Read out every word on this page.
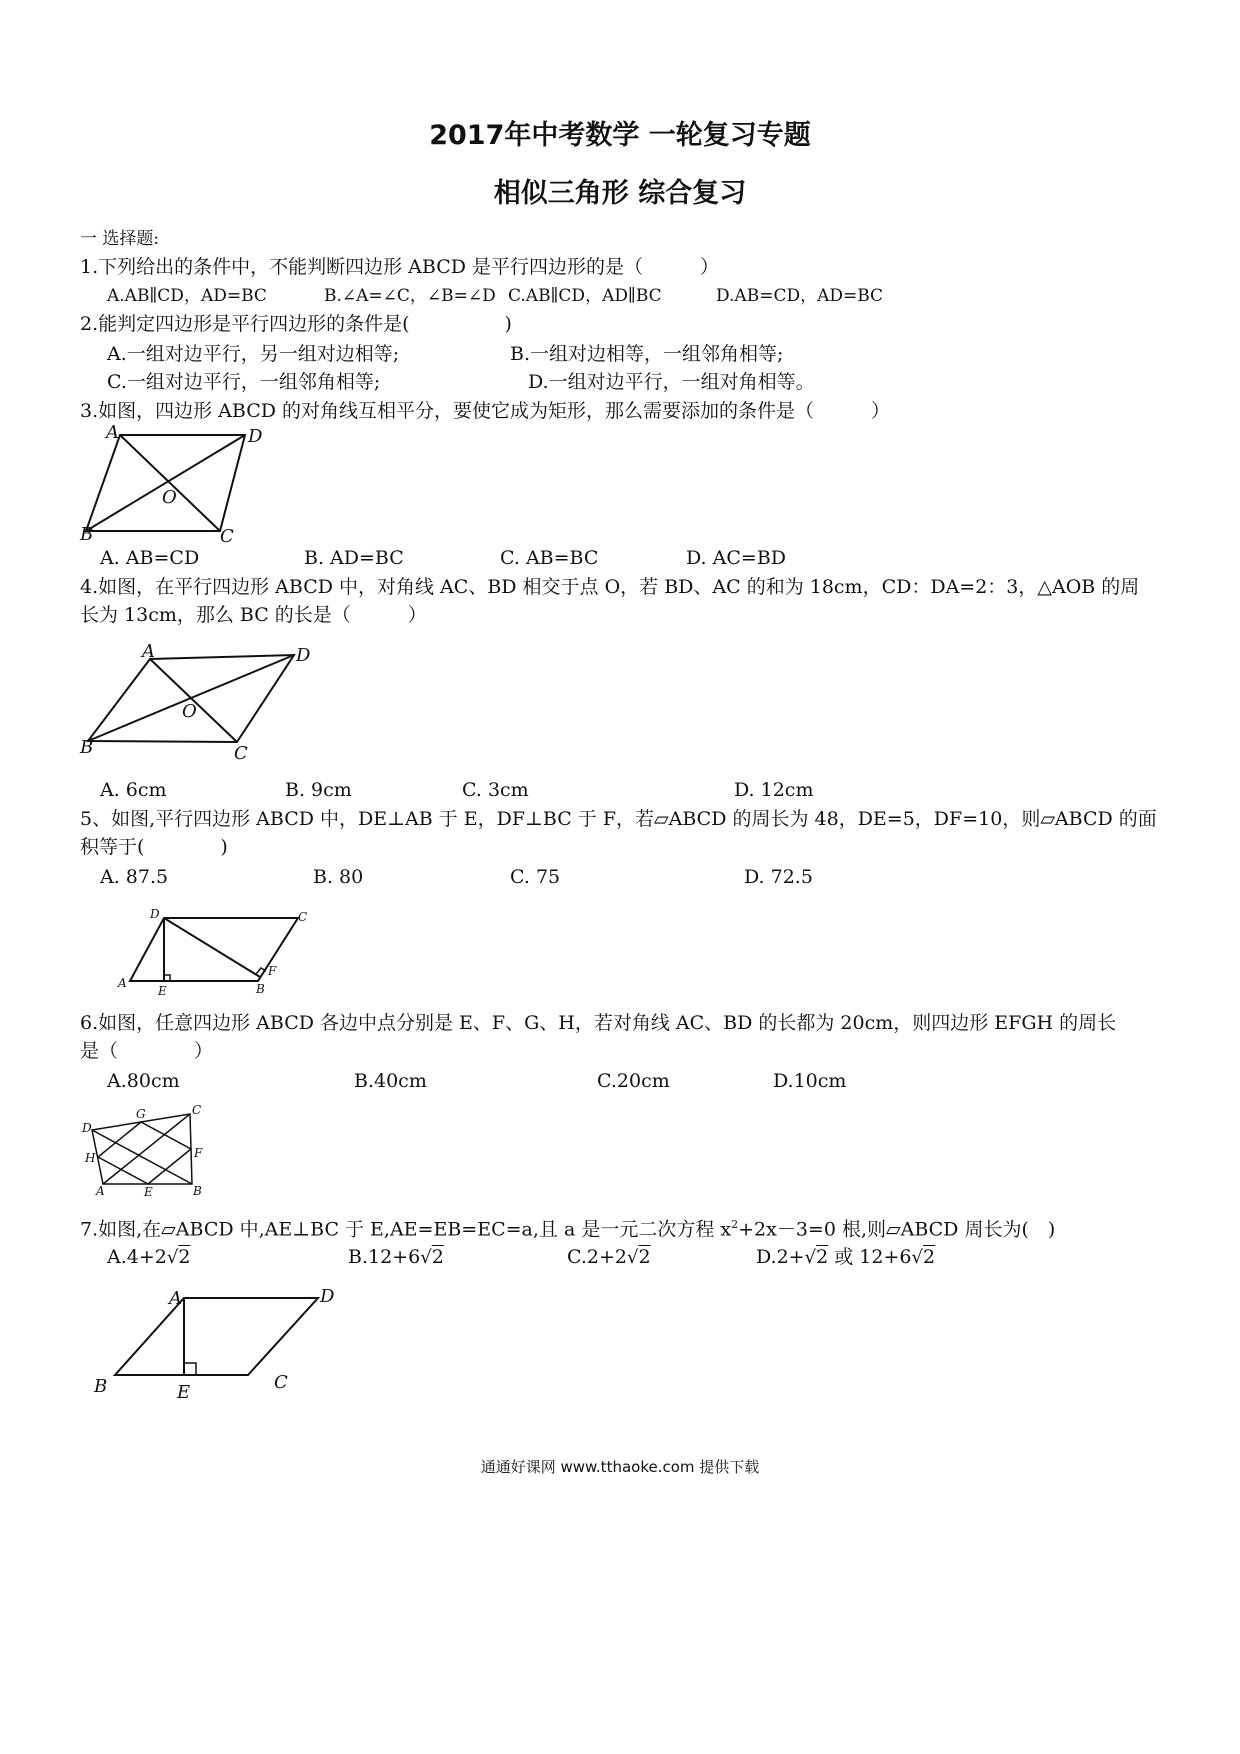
2017年中考数学 一轮复习专题
相似三角形 综合复习
一 选择题:
1.下列给出的条件中，不能判断四边形 ABCD 是平行四边形的是（　　　）
A.AB∥CD，AD=BC	B.∠A=∠C，∠B=∠D C.AB∥CD，AD∥BC	D.AB=CD，AD=BC
2.能判定四边形是平行四边形的条件是(　　　　　)
A.一组对边平行，另一组对边相等;	B.一组对边相等，一组邻角相等;
C.一组对边平行，一组邻角相等;	D.一组对边平行，一组对角相等。
3.如图，四边形 ABCD 的对角线互相平分，要使它成为矩形，那么需要添加的条件是（　　　）
A	D
B	C
O
A. AB=CD	B. AD=BC	C. AB=BC	D. AC=BD
4.如图，在平行四边形 ABCD 中，对角线 AC、BD 相交于点 O，若 BD、AC 的和为 18cm，CD：DA=2：3，△AOB 的周
长为 13cm，那么 BC 的长是（　　　）
A	D
B	C
O
A. 6cm	B. 9cm	C. 3cm	D. 12cm
5、如图,平行四边形 ABCD 中，DE⊥AB 于 E，DF⊥BC 于 F，若▱ABCD 的周长为 48，DE=5，DF=10，则▱ABCD 的面
积等于(　　　　)
A. 87.5	B. 80	C. 75	D. 72.5
D	C
A
E	B
F
6.如图，任意四边形 ABCD 各边中点分别是 E、F、G、H，若对角线 AC、BD 的长都为 20cm，则四边形 EFGH 的周长
是（　　　　）
A.80cm	B.40cm	C.20cm	D.10cm
D
G	C
H	F
A	E	B
7.如图,在▱ABCD 中,AE⊥BC 于 E,AE=EB=EC=a,且 a 是一元二次方程 $x^2+2x-3=0$ 根,则▱ABCD 周长为(　)
A.4+2√2	B.12+6√2	C.2+2√2	D.2+√2 或 12+6√2
A	D
B	E	C
通通好课网 www.tthaoke.com 提供下载
